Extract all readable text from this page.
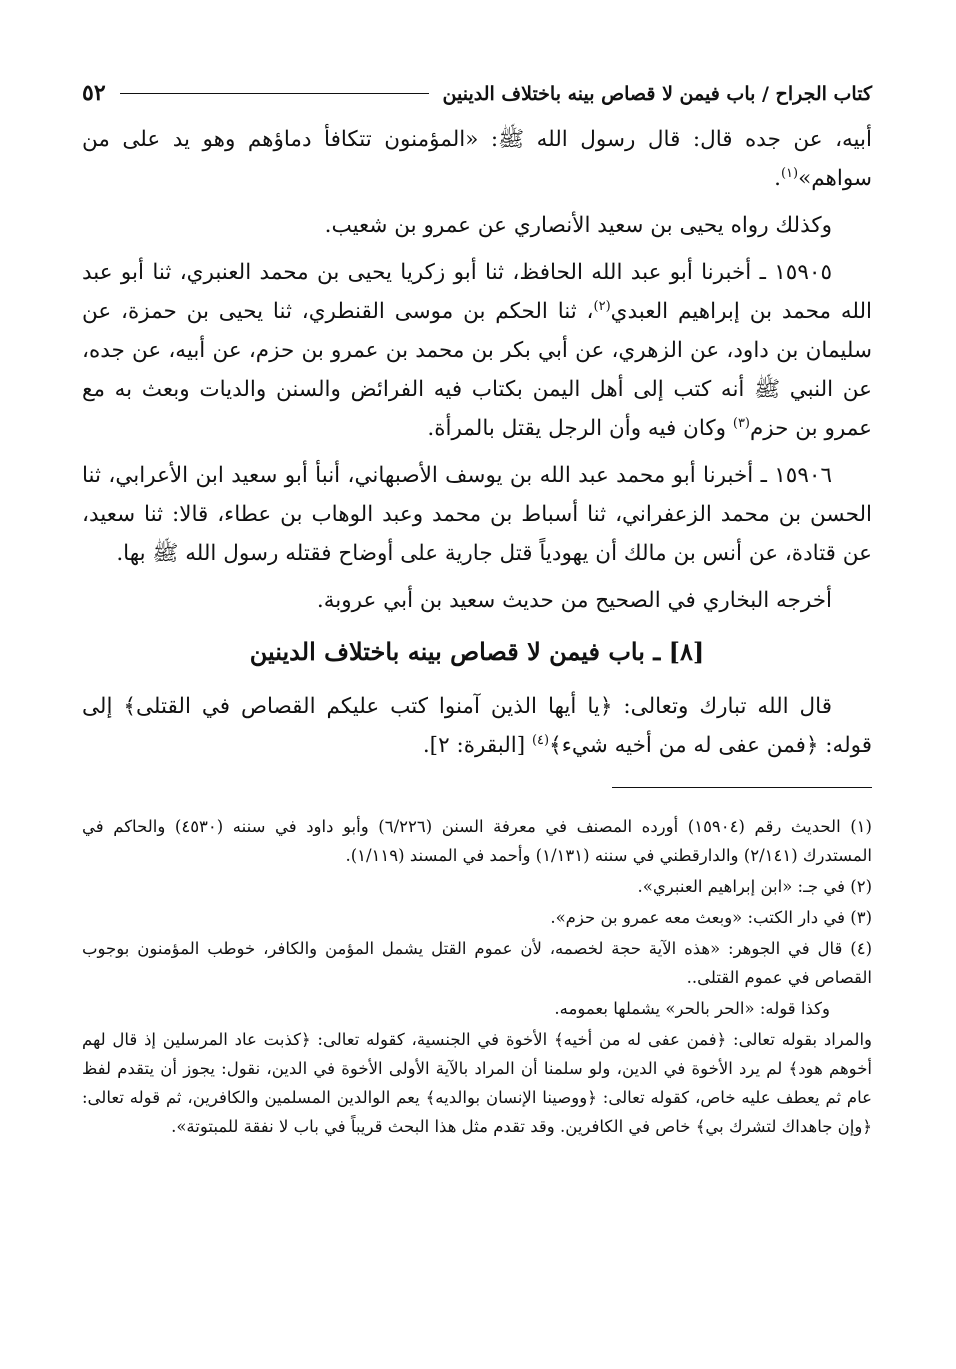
كتاب الجراح / باب فيمن لا قصاص بينه باختلاف الدينين
٥٢

أبيه، عن جده قال: قال رسول الله ﷺ: «المؤمنون تتكافأ دماؤهم وهو يد على من سواهم»$^{(١)}$.

وكذلك رواه يحيى بن سعيد الأنصاري عن عمرو بن شعيب.

١٥٩٠٥ ـ أخبرنا أبو عبد الله الحافظ، ثنا أبو زكريا يحيى بن محمد العنبري، ثنا أبو عبد الله محمد بن إبراهيم العبدي$^{(٢)}$، ثنا الحكم بن موسى القنطري، ثنا يحيى بن حمزة، عن سليمان بن داود، عن الزهري، عن أبي بكر بن محمد بن عمرو بن حزم، عن أبيه، عن جده، عن النبي ﷺ أنه كتب إلى أهل اليمن بكتاب فيه الفرائض والسنن والديات وبعث به مع عمرو بن حزم$^{(٣)}$ وكان فيه وأن الرجل يقتل بالمرأة.

١٥٩٠٦ ـ أخبرنا أبو محمد عبد الله بن يوسف الأصبهاني، أنبأ أبو سعيد ابن الأعرابي، ثنا الحسن بن محمد الزعفراني، ثنا أسباط بن محمد وعبد الوهاب بن عطاء، قالا: ثنا سعيد، عن قتادة، عن أنس بن مالك أن يهودياً قتل جارية على أوضاح فقتله رسول الله ﷺ بها.

أخرجه البخاري في الصحيح من حديث سعيد بن أبي عروبة.

[٨] ـ باب فيمن لا قصاص بينه باختلاف الدينين

قال الله تبارك وتعالى: ﴿يا أيها الذين آمنوا كتب عليكم القصاص في القتلى﴾ إلى قوله: ﴿فمن عفى له من أخيه شيء﴾$^{(٤)}$ [البقرة: ٢].

(١) الحديث رقم (١٥٩٠٤) أورده المصنف في معرفة السنن (٦/٢٢٦) وأبو داود في سننه (٤٥٣٠) والحاكم في المستدرك (٢/١٤١) والدارقطني في سننه (١/١٣١) وأحمد في المسند (١/١١٩).

(٢) في جـ: «ابن إبراهيم العنبري».

(٣) في دار الكتب: «وبعث معه عمرو بن حزم».

(٤) قال في الجوهر: «هذه الآية حجة لخصمه، لأن عموم القتل يشمل المؤمن والكافر، خوطب المؤمنون بوجوب القصاص في عموم القتلى..

وكذا قوله: «الحر بالحر» يشملها بعمومه.

والمراد بقوله تعالى: ﴿فمن عفى له من أخيه﴾ الأخوة في الجنسية، كقوله تعالى: ﴿كذبت عاد المرسلين إذ قال لهم أخوهم هود﴾ لم يرد الأخوة في الدين، ولو سلمنا أن المراد بالآية الأولى الأخوة في الدين، نقول: يجوز أن يتقدم لفظ عام ثم يعطف عليه خاص، كقوله تعالى: ﴿ووصينا الإنسان بوالديه﴾ يعم الوالدين المسلمين والكافرين، ثم قوله تعالى: ﴿وإن جاهداك لتشرك بي﴾ خاص في الكافرين. وقد تقدم مثل هذا البحث قريباً في باب لا نفقة للمبتوتة».
